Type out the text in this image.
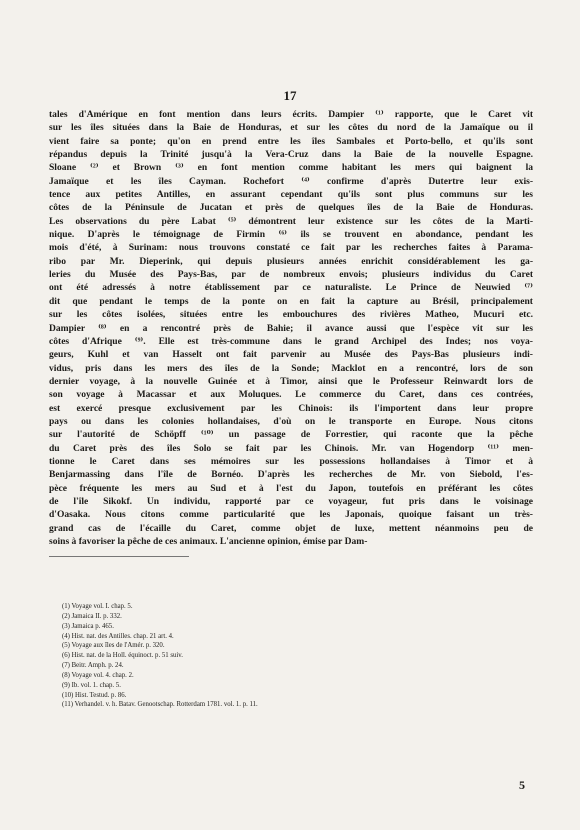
17
tales d'Amérique en font mention dans leurs écrits. Dampier ⁽¹⁾ rapporte, que le Caret vit
sur les îles situées dans la Baie de Honduras, et sur les côtes du nord de la Jamaïque ou il
vient faire sa ponte; qu'on en prend entre les îles Sambales et Porto-bello, et qu'ils sont
répandus depuis la Trinité jusqu'à la Vera-Cruz dans la Baie de la nouvelle Espagne.
Sloane ⁽²⁾ et Brown ⁽³⁾ en font mention comme habitant les mers qui baignent la
Jamaïque et les îles Cayman. Rochefort ⁽⁴⁾ confirme d'après Dutertre leur exis-
tence aux petites Antilles, en assurant cependant qu'ils sont plus communs sur les
côtes de la Péninsule de Jucatan et près de quelques îles de la Baie de Honduras.
Les observations du père Labat ⁽⁵⁾ démontrent leur existence sur les côtes de la Marti-
nique. D'après le témoignage de Firmin ⁽⁶⁾ ils se trouvent en abondance, pendant les
mois d'été, à Surinam: nous trouvons constaté ce fait par les recherches faites à Parama-
ribo par Mr. Dieperink, qui depuis plusieurs années enrichit considérablement les ga-
leries du Musée des Pays-Bas, par de nombreux envois; plusieurs individus du Caret
ont été adressés à notre établissement par ce naturaliste. Le Prince de Neuwied ⁽⁷⁾
dit que pendant le temps de la ponte on en fait la capture au Brésil, principalement
sur les côtes isolées, situées entre les embouchures des rivières Matheo, Mucuri etc.
Dampier ⁽⁸⁾ en a rencontré près de Bahie; il avance aussi que l'espèce vit sur les
côtes d'Afrique ⁽⁹⁾. Elle est très-commune dans le grand Archipel des Indes; nos voya-
geurs, Kuhl et van Hasselt ont fait parvenir au Musée des Pays-Bas plusieurs indi-
vidus, pris dans les mers des îles de la Sonde; Macklot en a rencontré, lors de son
dernier voyage, à la nouvelle Guinée et à Timor, ainsi que le Professeur Reinwardt lors de
son voyage à Macassar et aux Moluques. Le commerce du Caret, dans ces contrées,
est exercé presque exclusivement par les Chinois: ils l'importent dans leur propre
pays ou dans les colonies hollandaises, d'où on le transporte en Europe. Nous citons
sur l'autorité de Schöpff ⁽¹⁰⁾ un passage de Forrestier, qui raconte que la pêche
du Caret près des îles Solo se fait par les Chinois. Mr. van Hogendorp ⁽¹¹⁾ men-
tionne le Caret dans ses mémoires sur les possessions hollandaises à Timor et à
Benjarmassing dans l'île de Bornéo. D'après les recherches de Mr. von Siebold, l'es-
pèce fréquente les mers au Sud et à l'est du Japon, toutefois en préférant les côtes
de l'île Sikokf. Un individu, rapporté par ce voyageur, fut pris dans le voisinage
d'Oasaka. Nous citons comme particularité que les Japonais, quoique faisant un très-
grand cas de l'écaille du Caret, comme objet de luxe, mettent néanmoins peu de
soins à favoriser la pêche de ces animaux. L'ancienne opinion, émise par Dam-
(1) Voyage vol. I. chap. 5.
(2) Jamaica II. p. 332.
(3) Jamaica p. 465.
(4) Hist. nat. des Antilles. chap. 21 art. 4.
(5) Voyage aux îles de l'Amér. p. 320.
(6) Hist. nat. de la Holl. équinoct. p. 51 suiv.
(7) Beitr. Amph. p. 24.
(8) Voyage vol. 4. chap. 2.
(9) Ib. vol. 1. chap. 5.
(10) Hist. Testud. p. 86.
(11) Verhandel. v. h. Batav. Genootschap. Rotterdam 1781. vol. 1. p. 11.
5
